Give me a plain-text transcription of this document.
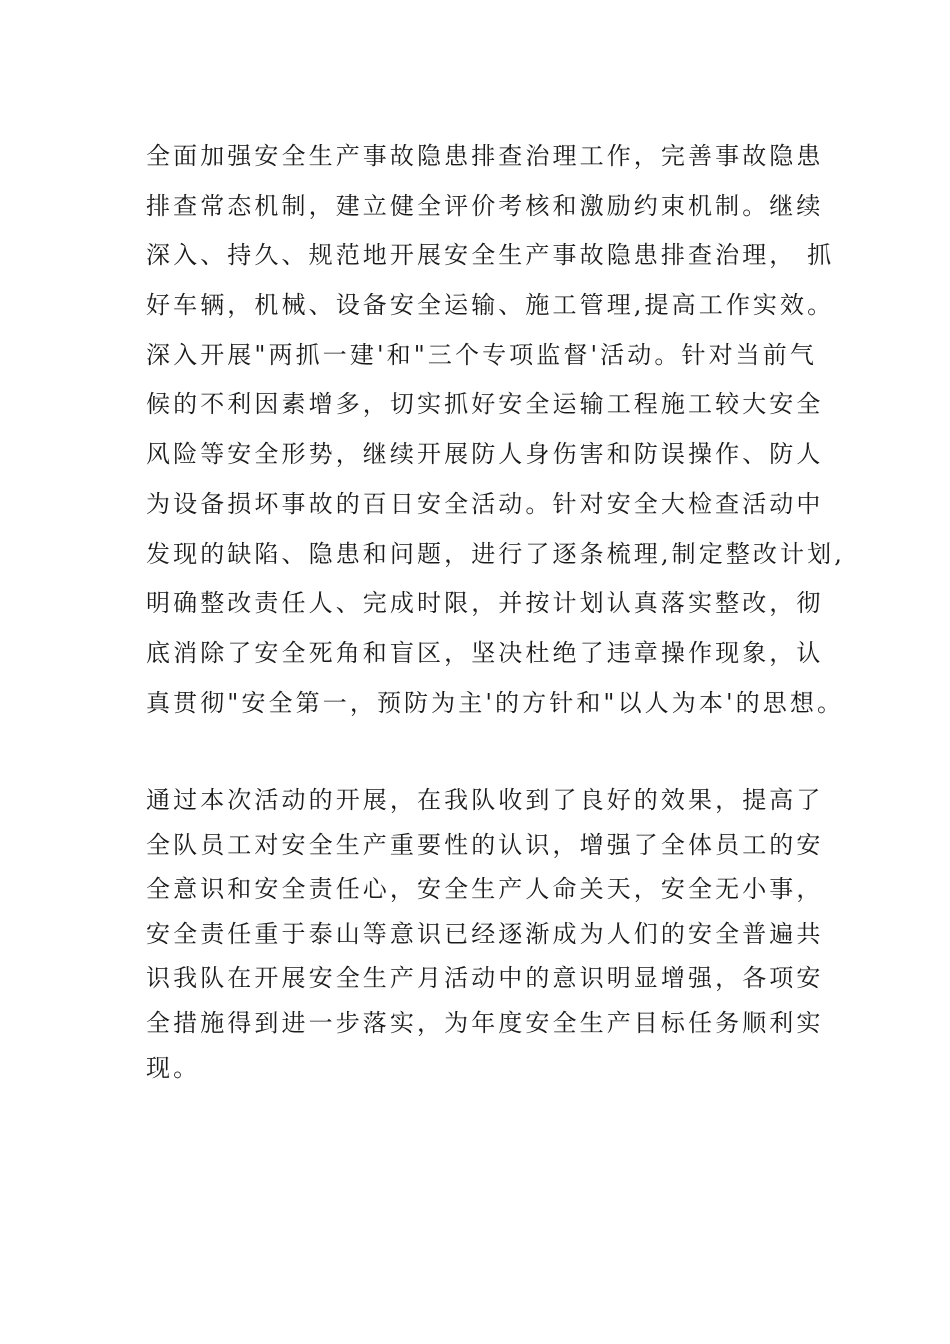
全面加强安全生产事故隐患排查治理工作，完善事故隐患
排查常态机制，建立健全评价考核和激励约束机制。继续
深入、持久、规范地开展安全生产事故隐患排查治理， 抓
好车辆，机械、设备安全运输、施工管理,提高工作实效。
深入开展"两抓一建'和"三个专项监督'活动。针对当前气
候的不利因素增多，切实抓好安全运输工程施工较大安全
风险等安全形势，继续开展防人身伤害和防误操作、防人
为设备损坏事故的百日安全活动。针对安全大检查活动中
发现的缺陷、隐患和问题，进行了逐条梳理,制定整改计划,
明确整改责任人、完成时限，并按计划认真落实整改，彻
底消除了安全死角和盲区，坚决杜绝了违章操作现象，认
真贯彻"安全第一，预防为主'的方针和"以人为本'的思想。
通过本次活动的开展，在我队收到了良好的效果，提高了
全队员工对安全生产重要性的认识，增强了全体员工的安
全意识和安全责任心，安全生产人命关天，安全无小事，
安全责任重于泰山等意识已经逐渐成为人们的安全普遍共
识我队在开展安全生产月活动中的意识明显增强，各项安
全措施得到进一步落实，为年度安全生产目标任务顺利实
现。
